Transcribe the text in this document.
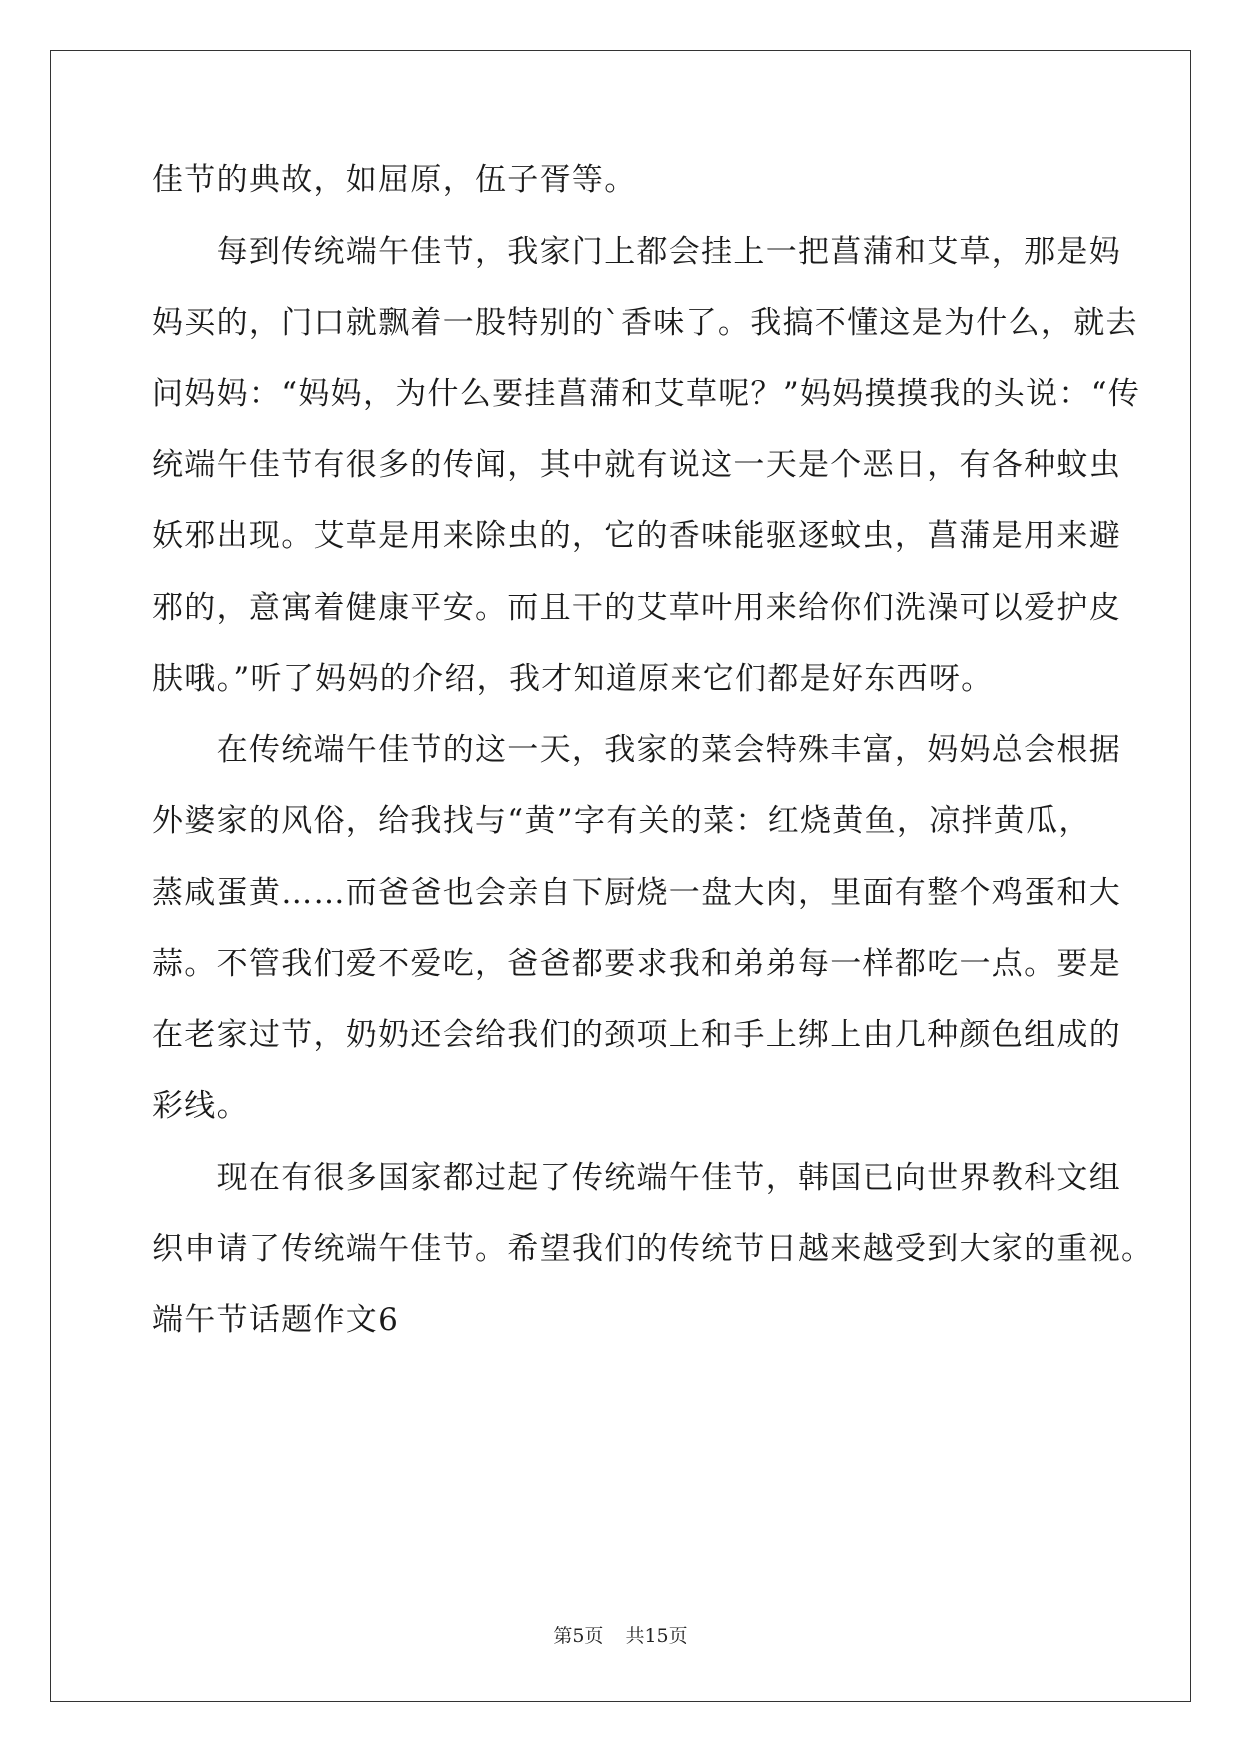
佳节的典故，如屈原，伍子胥等。
　　每到传统端午佳节，我家门上都会挂上一把菖蒲和艾草，那是妈
妈买的，门口就飘着一股特别的`香味了。我搞不懂这是为什么，就去
问妈妈：“妈妈，为什么要挂菖蒲和艾草呢？”妈妈摸摸我的头说：“传
统端午佳节有很多的传闻，其中就有说这一天是个恶日，有各种蚊虫
妖邪出现。艾草是用来除虫的，它的香味能驱逐蚊虫，菖蒲是用来避
邪的，意寓着健康平安。而且干的艾草叶用来给你们洗澡可以爱护皮
肤哦。”听了妈妈的介绍，我才知道原来它们都是好东西呀。
　　在传统端午佳节的这一天，我家的菜会特殊丰富，妈妈总会根据
外婆家的风俗，给我找与“黄”字有关的菜：红烧黄鱼，凉拌黄瓜，
蒸咸蛋黄……而爸爸也会亲自下厨烧一盘大肉，里面有整个鸡蛋和大
蒜。不管我们爱不爱吃，爸爸都要求我和弟弟每一样都吃一点。要是
在老家过节，奶奶还会给我们的颈项上和手上绑上由几种颜色组成的
彩线。
　　现在有很多国家都过起了传统端午佳节，韩国已向世界教科文组
织申请了传统端午佳节。希望我们的传统节日越来越受到大家的重视。
端午节话题作文6
第5页 共15页
